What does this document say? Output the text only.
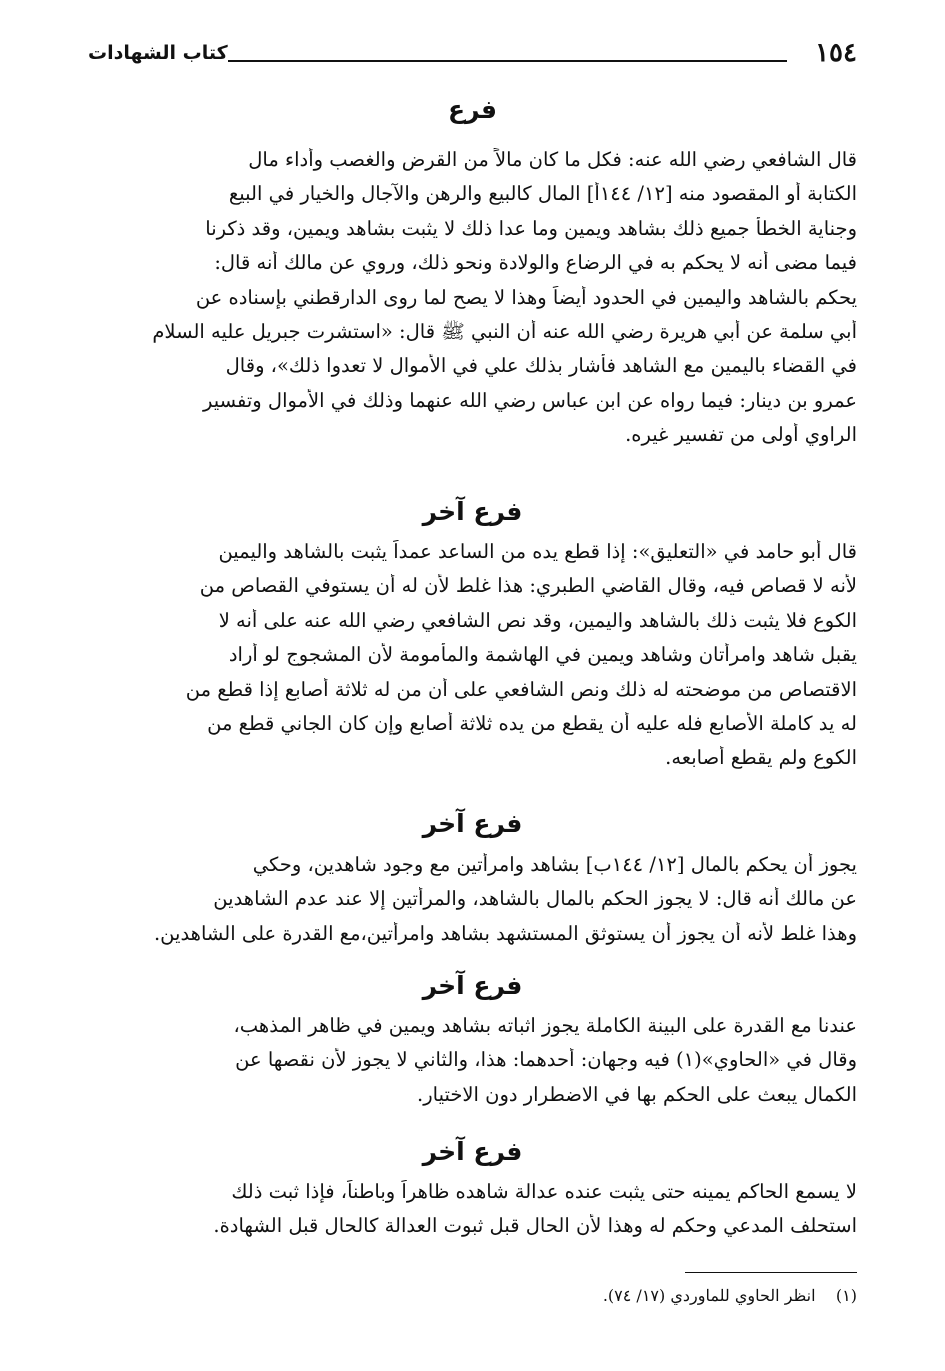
١٥٤
كتاب الشهادات
فرع
قال الشافعي رضي الله عنه: فكل ما كان مالاً من القرض والغصب وأداء مال
الكتابة أو المقصود منه [١٢/ ١٤٤أ] المال كالبيع والرهن والآجال والخيار في البيع
وجناية الخطأ جميع ذلك بشاهد ويمين وما عدا ذلك لا يثبت بشاهد ويمين، وقد ذكرنا
فيما مضى أنه لا يحكم به في الرضاع والولادة ونحو ذلك، وروي عن مالك أنه قال:
يحكم بالشاهد واليمين في الحدود أيضاً وهذا لا يصح لما روى الدارقطني بإسناده عن
أبي سلمة عن أبي هريرة رضي الله عنه أن النبي ﷺ قال: «استشرت جبريل عليه السلام
في القضاء باليمين مع الشاهد فأشار بذلك علي في الأموال لا تعدوا ذلك»، وقال
عمرو بن دينار: فيما رواه عن ابن عباس رضي الله عنهما وذلك في الأموال وتفسير
الراوي أولى من تفسير غيره.
فرع آخر
قال أبو حامد في «التعليق»: إذا قطع يده من الساعد عمداً يثبت بالشاهد واليمين
لأنه لا قصاص فيه، وقال القاضي الطبري: هذا غلط لأن له أن يستوفي القصاص من
الكوع فلا يثبت ذلك بالشاهد واليمين، وقد نص الشافعي رضي الله عنه على أنه لا
يقبل شاهد وامرأتان وشاهد ويمين في الهاشمة والمأمومة لأن المشجوج لو أراد
الاقتصاص من موضحته له ذلك ونص الشافعي على أن من له ثلاثة أصابع إذا قطع من
له يد كاملة الأصابع فله عليه أن يقطع من يده ثلاثة أصابع وإن كان الجاني قطع من
الكوع ولم يقطع أصابعه.
فرع آخر
يجوز أن يحكم بالمال [١٢/ ١٤٤ب] بشاهد وامرأتين مع وجود شاهدين، وحكي
عن مالك أنه قال: لا يجوز الحكم بالمال بالشاهد، والمرأتين إلا عند عدم الشاهدين
وهذا غلط لأنه أن يجوز أن يستوثق المستشهد بشاهد وامرأتين،مع القدرة على الشاهدين.
فرع آخر
عندنا مع القدرة على البينة الكاملة يجوز اثباته بشاهد ويمين في ظاهر المذهب،
وقال في «الحاوي»(١) فيه وجهان: أحدهما: هذا، والثاني لا يجوز لأن نقصها عن
الكمال يبعث على الحكم بها في الاضطرار دون الاختيار.
فرع آخر
لا يسمع الحاكم يمينه حتى يثبت عنده عدالة شاهده ظاهراً وباطناً، فإذا ثبت ذلك
استحلف المدعي وحكم له وهذا لأن الحال قبل ثبوت العدالة كالحال قبل الشهادة.
(١)    انظر الحاوي للماوردي (١٧/ ٧٤).
